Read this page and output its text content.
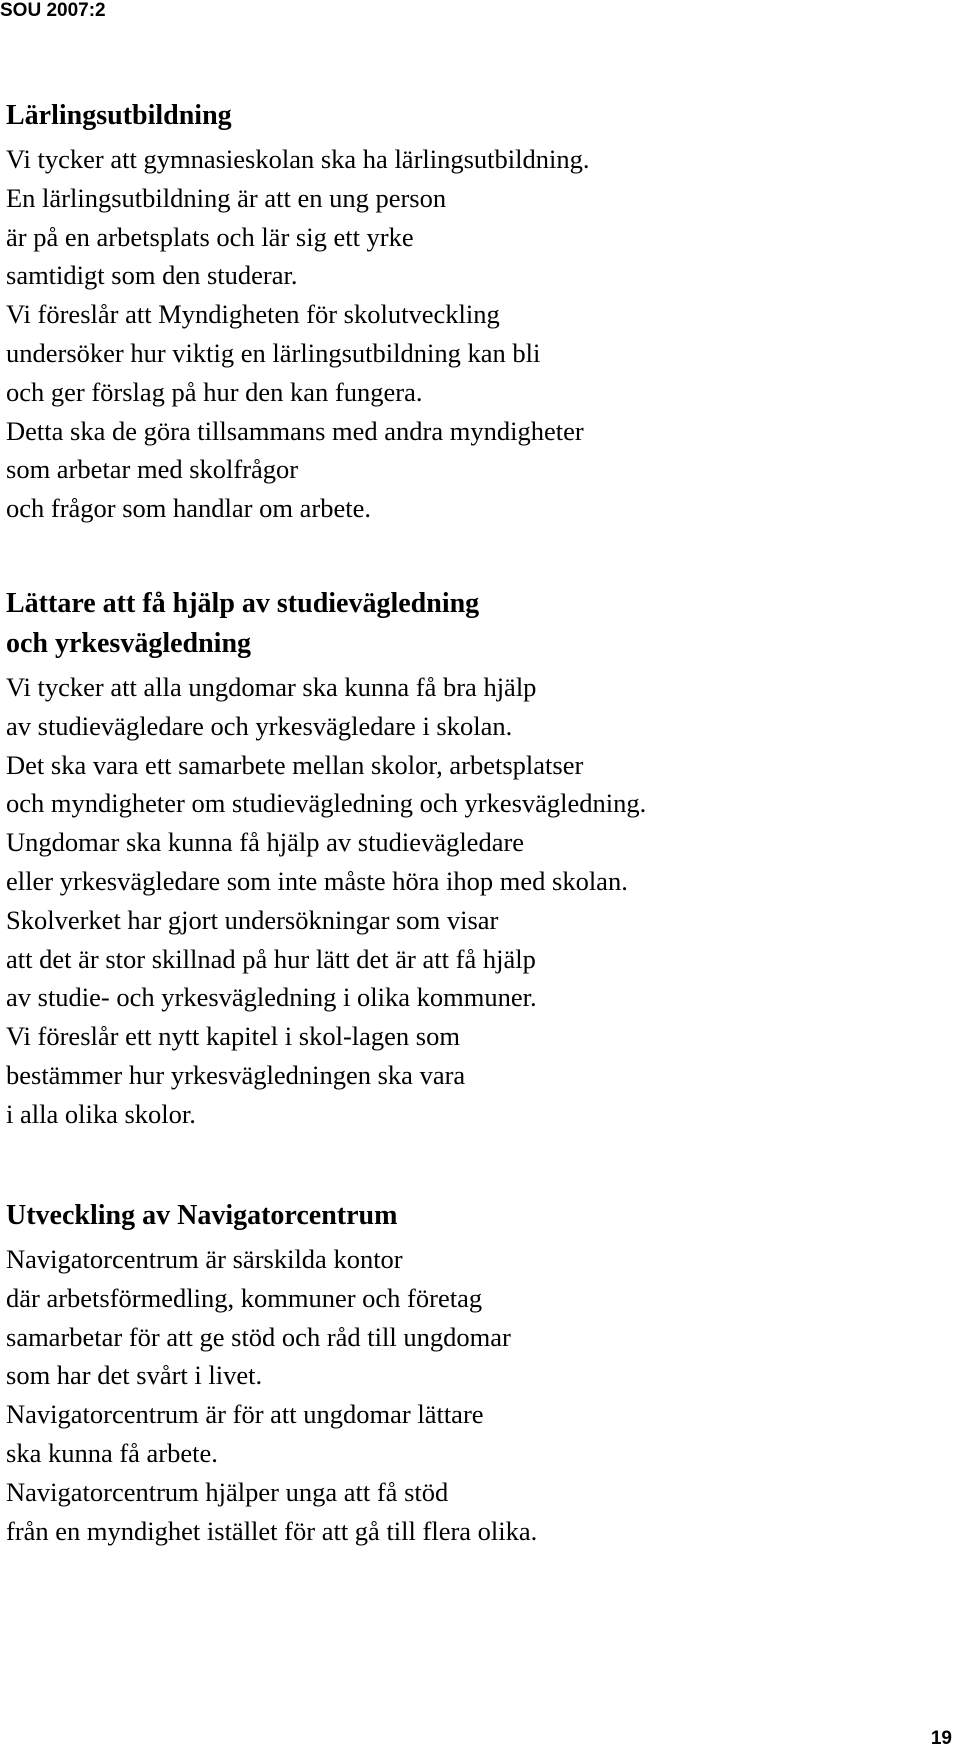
SOU 2007:2
Lärlingsutbildning
Vi tycker att gymnasieskolan ska ha lärlingsutbildning.
En lärlingsutbildning är att en ung person
är på en arbetsplats och lär sig ett yrke
samtidigt som den studerar.
Vi föreslår att Myndigheten för skolutveckling
undersöker hur viktig en lärlingsutbildning kan bli
och ger förslag på hur den kan fungera.
Detta ska de göra tillsammans med andra myndigheter
som arbetar med skolfrågor
och frågor som handlar om arbete.
Lättare att få hjälp av studievägledning
och yrkesvägledning
Vi tycker att alla ungdomar ska kunna få bra hjälp
av studievägledare och yrkesvägledare i skolan.
Det ska vara ett samarbete mellan skolor, arbetsplatser
och myndigheter om studievägledning och yrkesvägledning.
Ungdomar ska kunna få hjälp av studievägledare
eller yrkesvägledare som inte måste höra ihop med skolan.
Skolverket har gjort undersökningar som visar
att det är stor skillnad på hur lätt det är att få hjälp
av studie- och yrkesvägledning i olika kommuner.
Vi föreslår ett nytt kapitel i skol-lagen som
bestämmer hur yrkesvägledningen ska vara
i alla olika skolor.
Utveckling av Navigatorcentrum
Navigatorcentrum är särskilda kontor
där arbetsförmedling, kommuner och företag
samarbetar för att ge stöd och råd till ungdomar
som har det svårt i livet.
Navigatorcentrum är för att ungdomar lättare
ska kunna få arbete.
Navigatorcentrum hjälper unga att få stöd
från en myndighet istället för att gå till flera olika.
19
